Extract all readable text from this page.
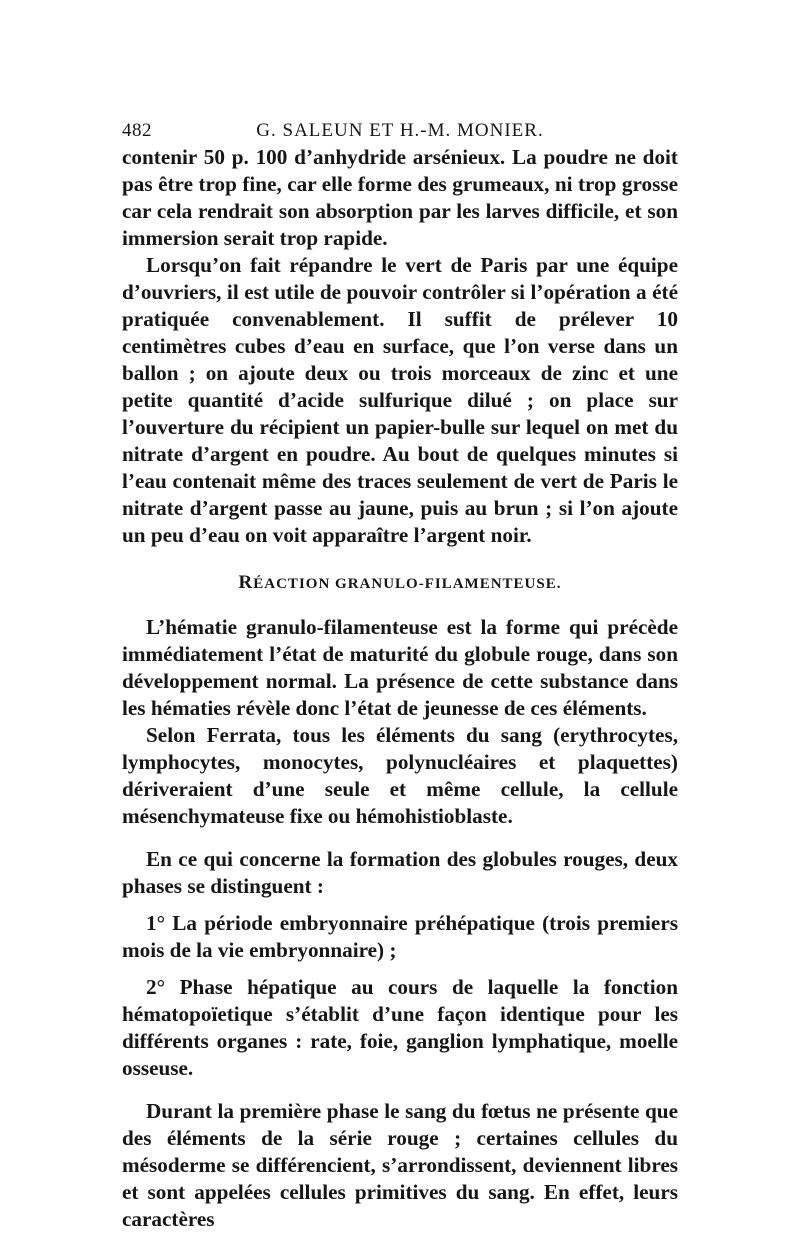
482	G. SALEUN ET H.-M. MONIER.

contenir 50 p. 100 d’anhydride arsénieux. La poudre ne doit pas être trop fine, car elle forme des grumeaux, ni trop grosse car cela rendrait son absorption par les larves difficile, et son immersion serait trop rapide.

Lorsqu’on fait répandre le vert de Paris par une équipe d’ouvriers, il est utile de pouvoir contrôler si l’opération a été pratiquée convenablement. Il suffit de prélever 10 centimètres cubes d’eau en surface, que l’on verse dans un ballon ; on ajoute deux ou trois morceaux de zinc et une petite quantité d’acide sulfurique dilué ; on place sur l’ouverture du récipient un papier-bulle sur lequel on met du nitrate d’argent en poudre. Au bout de quelques minutes si l’eau contenait même des traces seulement de vert de Paris le nitrate d’argent passe au jaune, puis au brun ; si l’on ajoute un peu d’eau on voit apparaître l’argent noir.

RÉACTION GRANULO-FILAMENTEUSE.

L’hématie granulo-filamenteuse est la forme qui précède immédiatement l’état de maturité du globule rouge, dans son développement normal. La présence de cette substance dans les hématies révèle donc l’état de jeunesse de ces éléments.

Selon Ferrata, tous les éléments du sang (erythrocytes, lymphocytes, monocytes, polynucléaires et plaquettes) dériveraient d’une seule et même cellule, la cellule mésenchymateuse fixe ou hémohistioblaste.

En ce qui concerne la formation des globules rouges, deux phases se distinguent :

1° La période embryonnaire préhépatique (trois premiers mois de la vie embryonnaire) ;

2° Phase hépatique au cours de laquelle la fonction hématopoïetique s’établit d’une façon identique pour les différents organes : rate, foie, ganglion lymphatique, moelle osseuse.

Durant la première phase le sang du fœtus ne présente que des éléments de la série rouge ; certaines cellules du mésoderme se différencient, s’arrondissent, deviennent libres et sont appelées cellules primitives du sang. En effet, leurs caractères
